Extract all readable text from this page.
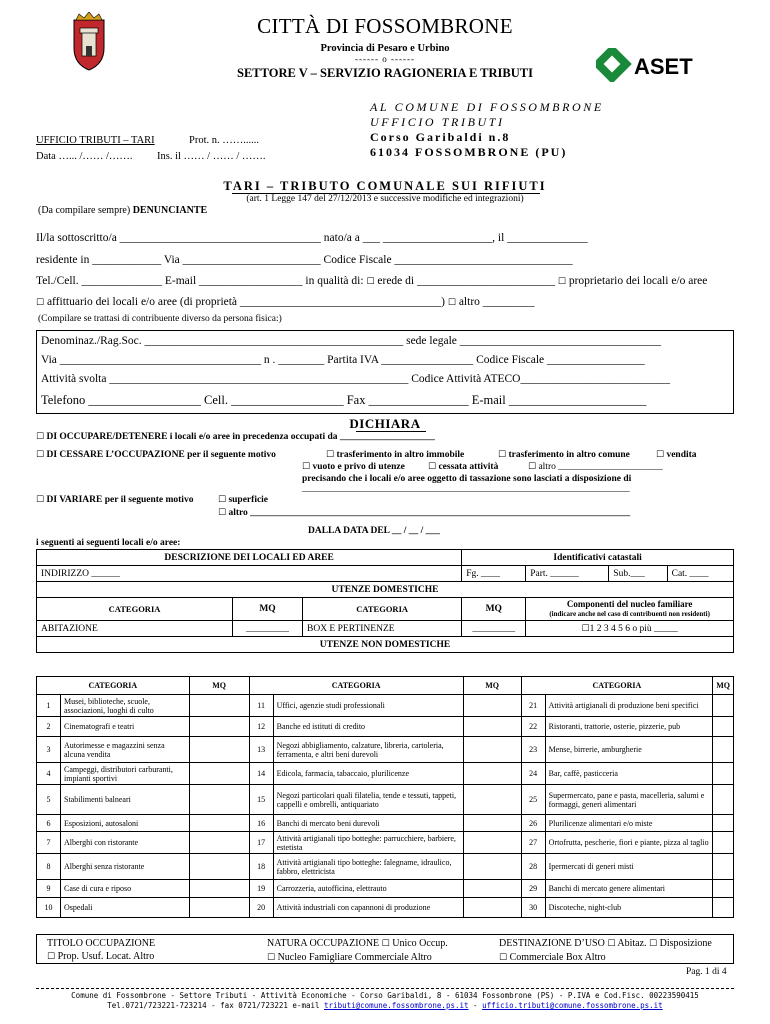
ASET
CITTÀ DI FOSSOMBRONE
Provincia di Pesaro e Urbino
------ o ------
SETTORE V – SERVIZIO RAGIONERIA E TRIBUTI
AL COMUNE DI FOSSOMBRONE
UFFICIO TRIBUTI
Corso Garibaldi n.8
61034 FOSSOMBRONE (PU)
UFFICIO TRIBUTI – TARI	Prot. n. ……......
Data …... /…… /…….	Ins. il …… / …… / …….
TARI – TRIBUTO COMUNALE SUI RIFIUTI
(art. 1 Legge 147 del 27/12/2013 e successive modifiche ed integrazioni)
(Da compilare sempre) DENUNCIANTE
Il/la sottoscritto/a ___________________________________ nato/a a ___ ___________________, il ______________
residente in ____________ Via ________________________ Codice Fiscale _______________________________
Tel./Cell. ______________ E-mail __________________ in qualità di: ☐ erede di ________________________ ☐ proprietario dei locali e/o aree
☐ affittuario dei locali e/o aree (di proprietà ___________________________________) ☐ altro _________
(Compilare se trattasi di contribuente diverso da persona fisica:)
Denominaz./Rag.Soc. _____________________________________________ sede legale ___________________________________
Via ___________________________________ n . ________ Partita IVA ________________ Codice Fiscale _________________
Attività svolta ____________________________________________________ Codice Attività ATECO__________________________
Telefono __________________ Cell. __________________ Fax ________________ E-mail ______________________
DICHIARA
☐ DI OCCUPARE/DETENERE i locali e/o aree in precedenza occupati da ____________________
☐ DI CESSARE L’OCCUPAZIONE per il seguente motivo	☐ trasferimento in altro immobile	☐ trasferimento in altro comune	☐ vendita
☐ vuoto e privo di utenze	☐ cessata attività	☐ altro ______________________
precisando che i locali e/o aree oggetto di tassazione sono lasciati a disposizione di
_____________________________________________________________________
☐ DI VARIARE per il seguente motivo	☐ superficie
☐ altro ________________________________________________________________________________
DALLA DATA DEL __ / __ / ___
i seguenti ai seguenti locali e/o aree:
DESCRIZIONE DEI LOCALI ED AREE			Identificativi catastali			
INDIRIZZO ______			Fg. ____	Part. ______	Sub.___	Cat. ____
UTENZE DOMESTICHE						
CATEGORIA	MQ	CATEGORIA	MQ	Componenti del nucleo familiare
(indicare anche nel caso di contribuenti non residenti)		

ABITAZIONE	_________	BOX E PERTINENZE	_________	☐1 2 3 4 5 6 o più _____		
UTENZE NON DOMESTICHE						
CATEGORIA		MQ	CATEGORIA		MQ	CATEGORIA		MQ
1	Musei, biblioteche, scuole, associazioni, luoghi di culto		11	Uffici, agenzie studi professionali		21	Attività artigianali di produzione beni specifici	
2	Cinematografi e teatri		12	Banche ed istituti di credito		22	Ristoranti, trattorie, osterie, pizzerie, pub	
3	Autorimesse e magazzini senza alcuna vendita		13	Negozi abbigliamento, calzature, libreria, cartoleria, ferramenta, e altri beni durevoli		23	Mense, birrerie, amburgherie	
4	Campeggi, distributori carburanti, impianti sportivi		14	Edicola, farmacia, tabaccaio, plurilicenze		24	Bar, caffè, pasticceria	
5	Stabilimenti balneari		15	Negozi particolari quali filatelia, tende e tessuti, tappeti, cappelli e ombrelli, antiquariato		25	Supermercato, pane e pasta, macelleria, salumi e formaggi, generi alimentari	
6	Esposizioni, autosaloni		16	Banchi di mercato beni durevoli		26	Plurilicenze alimentari e/o miste	
7	Alberghi con ristorante		17	Attività artigianali tipo botteghe: parrucchiere, barbiere, estetista		27	Ortofrutta, pescherie, fiori e piante, pizza al taglio	
8	Alberghi senza ristorante		18	Attività artigianali tipo botteghe: falegname, idraulico, fabbro, elettricista		28	Ipermercati di generi misti	
9	Case di cura e riposo		19	Carrozzeria, autofficina, elettrauto		29	Banchi di mercato genere alimentari	
10	Ospedali		20	Attività industriali con capannoni di produzione		30	Discoteche, night-club	
TITOLO OCCUPAZIONE
☐ Prop. Usuf. Locat. Altro
NATURA OCCUPAZIONE ☐ Unico Occup.
☐ Nucleo Famigliare Commerciale Altro
DESTINAZIONE D’USO ☐ Abitaz. ☐ Disposizione
☐ Commerciale Box Altro
Pag. 1 di 4
Comune di Fossombrone - Settore Tributi - Attività Economiche - Corso Garibaldi, 8 - 61034 Fossombrone (PS) - P.IVA e Cod.Fisc. 00223590415
Tel.0721/723221-723214 - fax 0721/723221 e-mail tributi@comune.fossombrone.ps.it - ufficio.tributi@comune.fossombrone.ps.it
